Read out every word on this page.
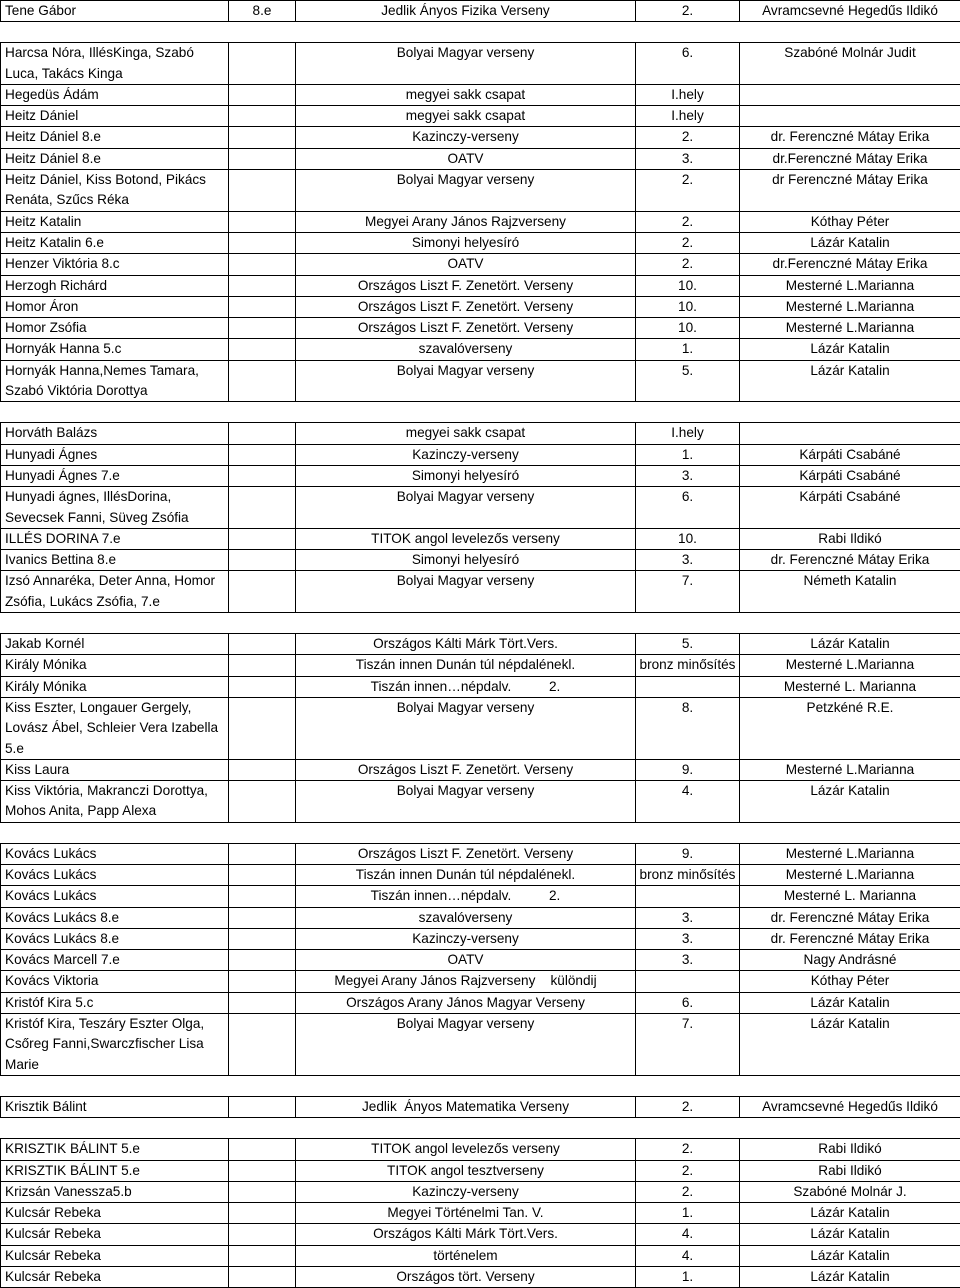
Tene Gábor	8.e	Jedlik Ányos Fizika Verseny	2.	Avramcsevné Hegedűs Ildikó

Harcsa Nóra, IllésKinga, Szabó Luca, Takács Kinga		Bolyai Magyar verseny	6.	Szabóné Molnár Judit
Hegedüs Ádám		megyei sakk csapat	I.hely	
Heitz Dániel		megyei sakk csapat	I.hely	
Heitz Dániel 8.e		Kazinczy-verseny	2.	dr. Ferenczné Mátay Erika
Heitz Dániel 8.e		OATV	3.	dr.Ferenczné Mátay Erika
Heitz Dániel, Kiss Botond, Pikács Renáta, Szűcs Réka		Bolyai Magyar verseny	2.	dr Ferenczné Mátay Erika
Heitz Katalin		Megyei Arany János Rajzverseny	2.	Kóthay Péter
Heitz Katalin 6.e		Simonyi helyesíró	2.	Lázár Katalin
Henzer Viktória 8.c		OATV	2.	dr.Ferenczné Mátay Erika
Herzogh Richárd		Országos Liszt F. Zenetört. Verseny	10.	Mesterné L.Marianna
Homor Áron		Országos Liszt F. Zenetört. Verseny	10.	Mesterné L.Marianna
Homor Zsófia		Országos Liszt F. Zenetört. Verseny	10.	Mesterné L.Marianna
Hornyák Hanna 5.c		szavalóverseny	1.	Lázár Katalin
Hornyák Hanna,Nemes Tamara, Szabó Viktória Dorottya		Bolyai Magyar verseny	5.	Lázár Katalin

Horváth Balázs		megyei sakk csapat	I.hely	
Hunyadi Ágnes		Kazinczy-verseny	1.	Kárpáti Csabáné
Hunyadi Ágnes 7.e		Simonyi helyesíró	3.	Kárpáti Csabáné
Hunyadi ágnes, IllésDorina, Sevecsek Fanni, Süveg Zsófia		Bolyai Magyar verseny	6.	Kárpáti Csabáné
ILLÉS DORINA 7.e		TITOK angol levelezős verseny	10.	Rabi Ildikó
Ivanics Bettina 8.e		Simonyi helyesíró	3.	dr. Ferenczné Mátay Erika
Izsó Annaréka, Deter Anna, Homor Zsófia, Lukács Zsófia, 7.e		Bolyai Magyar verseny	7.	Németh Katalin

Jakab Kornél		Országos Kálti Márk Tört.Vers.	5.	Lázár Katalin
Király Mónika		Tiszán innen Dunán túl népdalénekl.	bronz minősítés	Mesterné L.Marianna
Király Mónika		Tiszán innen…népdalv.          2.		Mesterné L. Marianna
Kiss Eszter, Longauer Gergely, Lovász Ábel, Schleier Vera Izabella 5.e		Bolyai Magyar verseny	8.	Petzkéné R.E.
Kiss Laura		Országos Liszt F. Zenetört. Verseny	9.	Mesterné L.Marianna
Kiss Viktória, Makranczi Dorottya, Mohos Anita, Papp Alexa		Bolyai Magyar verseny	4.	Lázár Katalin

Kovács Lukács		Országos Liszt F. Zenetört. Verseny	9.	Mesterné L.Marianna
Kovács Lukács		Tiszán innen Dunán túl népdalénekl.	bronz minősítés	Mesterné L.Marianna
Kovács Lukács		Tiszán innen…népdalv.          2.		Mesterné L. Marianna
Kovács Lukács 8.e		szavalóverseny	3.	dr. Ferenczné Mátay Erika
Kovács Lukács 8.e		Kazinczy-verseny	3.	dr. Ferenczné Mátay Erika
Kovács Marcell 7.e		OATV	3.	Nagy Andrásné
Kovács Viktoria		Megyei Arany János Rajzverseny    különdij		Kóthay Péter
Kristóf Kira 5.c		Országos Arany János Magyar Verseny	6.	Lázár Katalin
Kristóf Kira, Teszáry Eszter Olga, Csőreg Fanni,Swarczfischer Lisa Marie		Bolyai Magyar verseny	7.	Lázár Katalin

Krisztik Bálint		Jedlik  Ányos Matematika Verseny	2.	Avramcsevné Hegedűs Ildikó

KRISZTIK BÁLINT 5.e		TITOK angol levelezős verseny	2.	Rabi Ildikó
KRISZTIK BÁLINT 5.e		TITOK angol tesztverseny	2.	Rabi Ildikó
Krizsán Vanessza5.b		Kazinczy-verseny	2.	Szabóné Molnár J.
Kulcsár Rebeka		Megyei Történelmi Tan. V.	1.	Lázár Katalin
Kulcsár Rebeka		Országos Kálti Márk Tört.Vers.	4.	Lázár Katalin
Kulcsár Rebeka		történelem	4.	Lázár Katalin
Kulcsár Rebeka		Országos tört. Verseny	1.	Lázár Katalin
